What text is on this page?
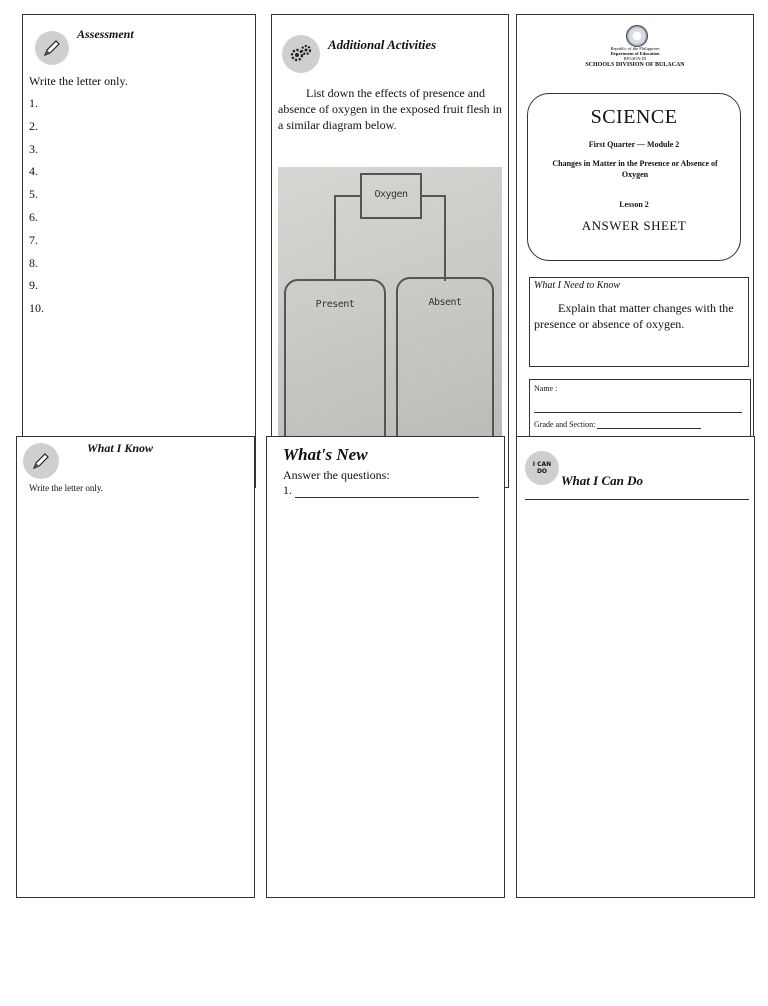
Assessment
Write the letter only.
1.
2.
3.
4.
5.
6.
7.
8.
9.
10.
Additional Activities
List down the effects of presence and absence of oxygen in the exposed fruit flesh in a similar diagram below.
Oxygen
Present	Absent
Republic of the Philippines
Department of Education
REGION III
SCHOOLS DIVISION OF BULACAN
SCIENCE
First Quarter — Module 2
Changes in Matter in the Presence or Absence of Oxygen
Lesson 2
ANSWER SHEET
What I Need to Know
Explain that matter changes with the presence or absence of oxygen.
Name :
Grade and Section:
What I Know
Write the letter only.
What's New
Answer the questions:
1.
I CAN DO
What I Can Do
